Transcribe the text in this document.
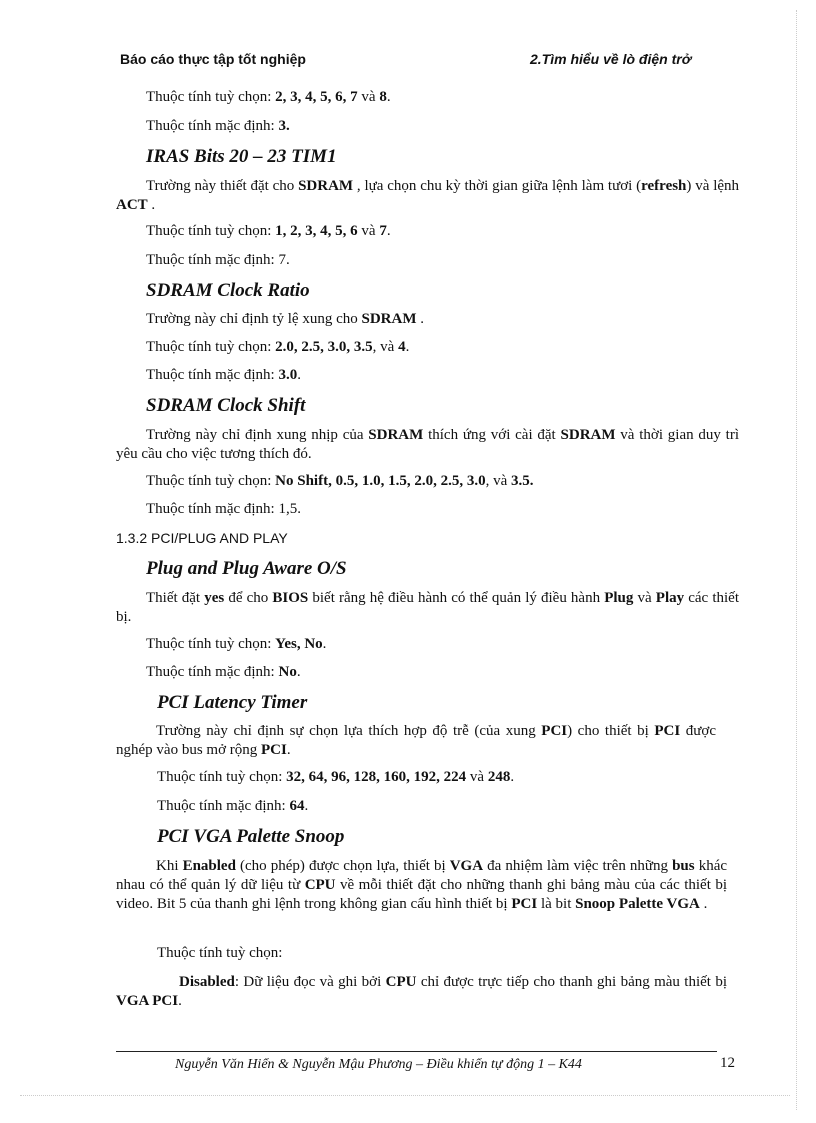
Báo cáo thực tập tốt nghiệp	2.Tìm hiểu về lò điện trở
Thuộc tính tuỳ chọn: 2, 3, 4, 5, 6, 7 và 8.
Thuộc tính mặc định: 3.
IRAS Bits 20 – 23 TIM1
Trường này thiết đặt cho SDRAM , lựa chọn chu kỳ thời gian giữa lệnh làm tươi (refresh) và lệnh ACT .
Thuộc tính tuỳ chọn: 1, 2, 3, 4, 5, 6 và 7.
Thuộc tính mặc định: 7.
SDRAM Clock Ratio
Trường này chỉ định tỷ lệ xung cho SDRAM .
Thuộc tính tuỳ chọn: 2.0, 2.5, 3.0, 3.5, và 4.
Thuộc tính mặc định: 3.0.
SDRAM Clock Shift
Trường này chỉ định xung nhịp của SDRAM thích ứng với cài đặt SDRAM và thời gian duy trì yêu cầu cho việc tương thích đó.
Thuộc tính tuỳ chọn: No Shift, 0.5, 1.0, 1.5, 2.0, 2.5, 3.0, và 3.5.
Thuộc tính mặc định: 1,5.
1.3.2 PCI/PLUG AND PLAY
Plug and Plug Aware O/S
Thiết đặt yes để cho BIOS biết rằng hệ điều hành có thể quản lý điều hành Plug và Play các thiết bị.
Thuộc tính tuỳ chọn: Yes, No.
Thuộc tính mặc định: No.
PCI Latency Timer
Trường này chỉ định sự chọn lựa thích hợp độ trễ (của xung PCI) cho thiết bị PCI được nghép vào bus mở rộng PCI.
Thuộc tính tuỳ chọn: 32, 64, 96, 128, 160, 192, 224 và 248.
Thuộc tính mặc định: 64.
PCI VGA Palette Snoop
Khi Enabled (cho phép) được chọn lựa, thiết bị VGA đa nhiệm làm việc trên những bus khác nhau có thể quản lý dữ liệu từ CPU về mỗi thiết đặt cho những thanh ghi bảng màu của các thiết bị video. Bit 5 của thanh ghi lệnh trong không gian cấu hình thiết bị PCI là bit Snoop Palette VGA .
Thuộc tính tuỳ chọn:
Disabled: Dữ liệu đọc và ghi bởi CPU chỉ được trực tiếp cho thanh ghi bảng màu thiết bị VGA PCI.
Nguyễn Văn Hiển & Nguyễn Mậu Phương – Điều khiển tự động 1 – K44	12
